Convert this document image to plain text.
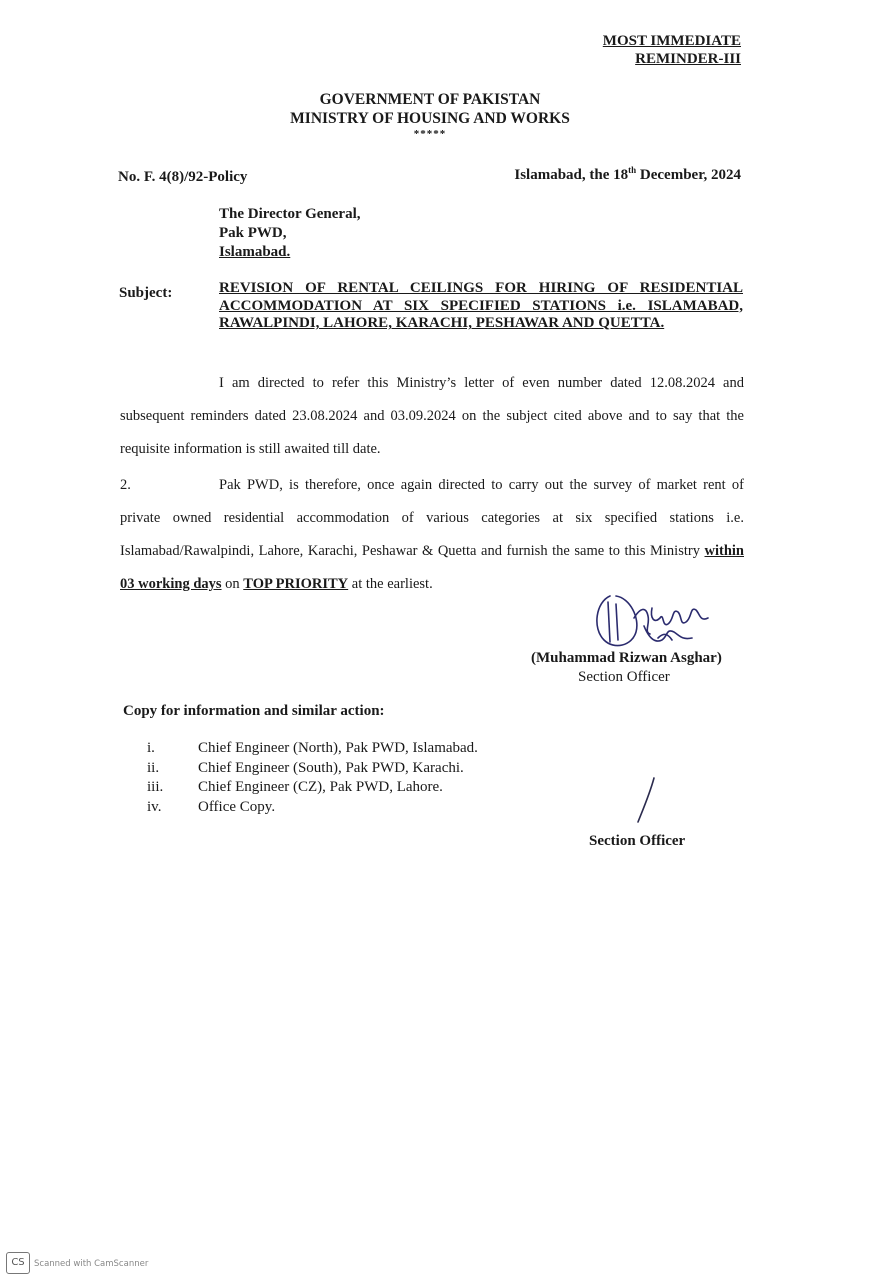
MOST IMMEDIATE
REMINDER-III
GOVERNMENT OF PAKISTAN
MINISTRY OF HOUSING AND WORKS
*****
No. F. 4(8)/92-Policy	Islamabad, the 18th December, 2024
The Director General,
Pak PWD,
Islamabad.
Subject:	REVISION OF RENTAL CEILINGS FOR HIRING OF RESIDENTIAL ACCOMMODATION AT SIX SPECIFIED STATIONS i.e. ISLAMABAD, RAWALPINDI, LAHORE, KARACHI, PESHAWAR AND QUETTA.
I am directed to refer this Ministry’s letter of even number dated 12.08.2024 and subsequent reminders dated 23.08.2024 and 03.09.2024 on the subject cited above and to say that the requisite information is still awaited till date.
2.	Pak PWD, is therefore, once again directed to carry out the survey of market rent of private owned residential accommodation of various categories at six specified stations i.e. Islamabad/Rawalpindi, Lahore, Karachi, Peshawar & Quetta and furnish the same to this Ministry within 03 working days on TOP PRIORITY at the earliest.
(Muhammad Rizwan Asghar)
Section Officer
Copy for information and similar action:
i.	Chief Engineer (North), Pak PWD, Islamabad.
ii.	Chief Engineer (South), Pak PWD, Karachi.
iii.	Chief Engineer (CZ), Pak PWD, Lahore.
iv.	Office Copy.
Section Officer
CS	Scanned with CamScanner
